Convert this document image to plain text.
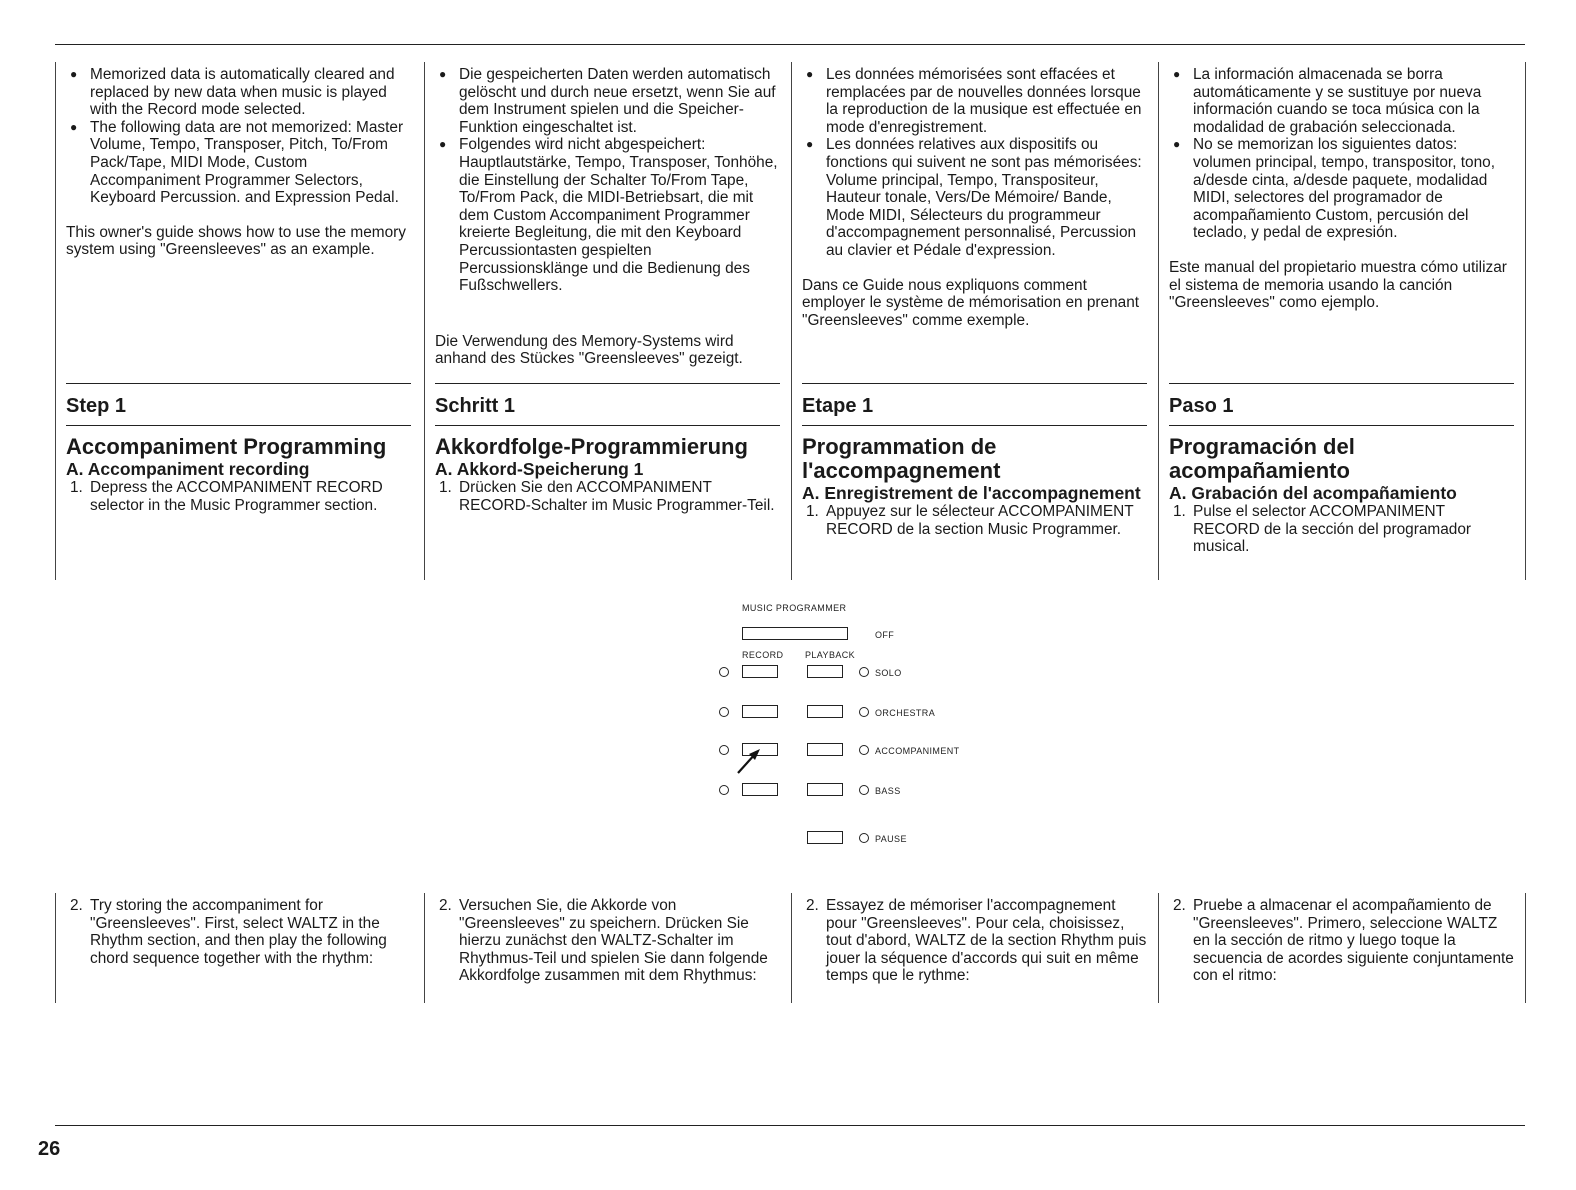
● Memorized data is automatically cleared and replaced by new data when music is played with the Record mode selected.
● The following data are not memorized: Master Volume, Tempo, Transposer, Pitch, To/From Pack/Tape, MIDI Mode, Custom Accompaniment Programmer Selectors, Keyboard Percussion. and Expression Pedal.

This owner's guide shows how to use the memory system using "Greensleeves" as an example.

Step 1

Accompaniment Programming

A. Accompaniment recording

1. Depress the ACCOMPANIMENT RECORD selector in the Music Programmer section.

2. Try storing the accompaniment for "Greensleeves". First, select WALTZ in the Rhythm section, and then play the following chord sequence together with the rhythm:

● Die gespeicherten Daten werden automatisch gelöscht und durch neue ersetzt, wenn Sie auf dem Instrument spielen und die Speicher-Funktion eingeschaltet ist.
● Folgendes wird nicht abgespeichert: Hauptlautstärke, Tempo, Transposer, Tonhöhe, die Einstellung der Schalter To/From Tape, To/From Pack, die MIDI-Betriebsart, die mit dem Custom Accompaniment Programmer kreierte Begleitung, die mit den Keyboard Percussiontasten gespielten Percussionsklänge und die Bedienung des Fußschwellers.

Die Verwendung des Memory-Systems wird anhand des Stückes "Greensleeves" gezeigt.

Schritt 1

Akkordfolge-Programmierung

A. Akkord-Speicherung 1

1. Drücken Sie den ACCOMPANIMENT RECORD-Schalter im Music Programmer-Teil.

2. Versuchen Sie, die Akkorde von "Greensleeves" zu speichern. Drücken Sie hierzu zunächst den WALTZ-Schalter im Rhythmus-Teil und spielen Sie dann folgende Akkordfolge zusammen mit dem Rhythmus:

● Les données mémorisées sont effacées et remplacées par de nouvelles données lorsque la reproduction de la musique est effectuée en mode d'enregistrement.
● Les données relatives aux dispositifs ou fonctions qui suivent ne sont pas mémorisées: Volume principal, Tempo, Transpositeur, Hauteur tonale, Vers/De Mémoire/ Bande, Mode MIDI, Sélecteurs du programmeur d'accompagnement personnalisé, Percussion au clavier et Pédale d'expression.

Dans ce Guide nous expliquons comment employer le système de mémorisation en prenant "Greensleeves" comme exemple.

Etape 1

Programmation de l'accompagnement

A. Enregistrement de l'accompagnement

1. Appuyez sur le sélecteur ACCOMPANIMENT RECORD de la section Music Programmer.

2. Essayez de mémoriser l'accompagnement pour "Greensleeves". Pour cela, choisissez, tout d'abord, WALTZ de la section Rhythm puis jouer la séquence d'accords qui suit en même temps que le rythme:

● La información almacenada se borra automáticamente y se sustituye por nueva información cuando se toca música con la modalidad de grabación seleccionada.
● No se memorizan los siguientes datos: volumen principal, tempo, transpositor, tono, a/desde cinta, a/desde paquete, modalidad MIDI, selectores del programador de acompañamiento Custom, percusión del teclado, y pedal de expresión.

Este manual del propietario muestra cómo utilizar el sistema de memoria usando la canción "Greensleeves" como ejemplo.

Paso 1

Programación del acompañamiento

A. Grabación del acompañamiento

1. Pulse el selector ACCOMPANIMENT RECORD de la sección del programador musical.

2. Pruebe a almacenar el acompañamiento de "Greensleeves". Primero, seleccione WALTZ en la sección de ritmo y luego toque la secuencia de acordes siguiente conjuntamente con el ritmo:

MUSIC PROGRAMMER
OFF
RECORD PLAYBACK
SOLO
ORCHESTRA
ACCOMPANIMENT
BASS
PAUSE
26
